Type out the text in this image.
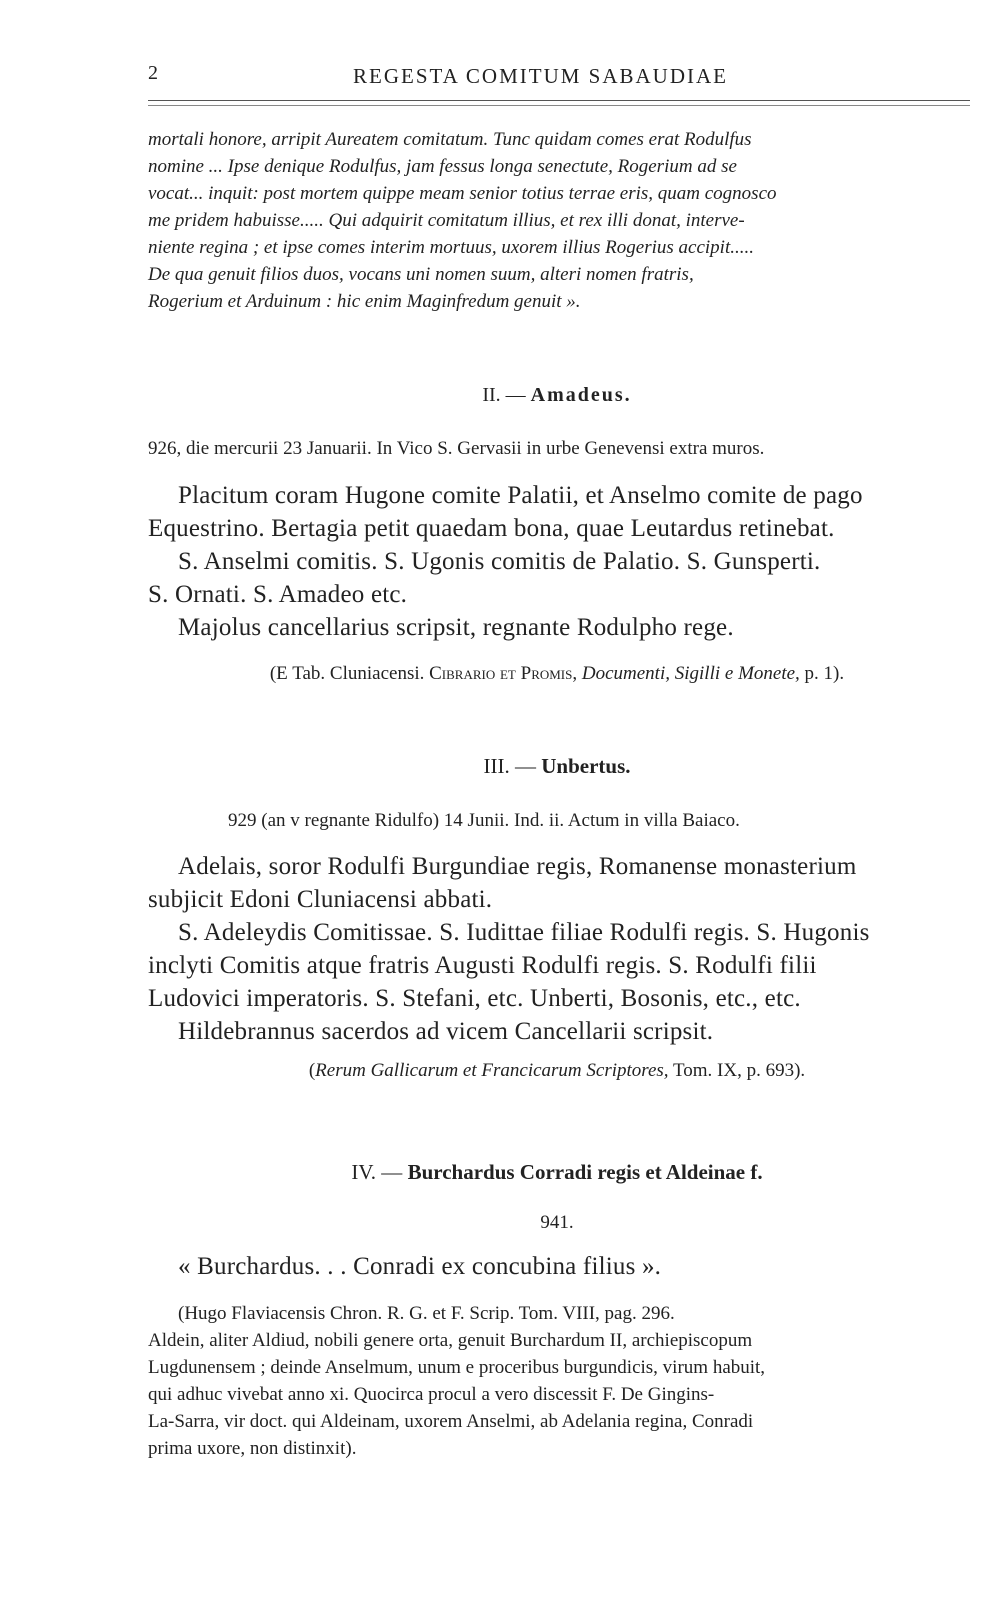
2	REGESTA COMITUM SABAUDIAE

mortali honore, arripit Aureatem comitatum. Tunc quidam comes erat Rodulfus

nomine ... Ipse denique Rodulfus, jam fessus longa senectute, Rogerium ad se

vocat... inquit: post mortem quippe meam senior totius terrae eris, quam cognosco

me pridem habuisse..... Qui adquirit comitatum illius, et rex illi donat, interve-

niente regina ; et ipse comes interim mortuus, uxorem illius Rogerius accipit.....

De qua genuit filios duos, vocans uni nomen suum, alteri nomen fratris,

Rogerium et Arduinum : hic enim Maginfredum genuit ».

II. — Amadeus.
926, die mercurii 23 Januarii. In Vico S. Gervasii in urbe Genevensi extra muros.

Placitum coram Hugone comite Palatii, et Anselmo comite de pago

Equestrino. Bertagia petit quaedam bona, quae Leutardus retinebat.

S. Anselmi comitis. S. Ugonis comitis de Palatio. S. Gunsperti.

S. Ornati. S. Amadeo etc.

Majolus cancellarius scripsit, regnante Rodulpho rege.

(E Tab. Cluniacensi. Cibrario et Promis, Documenti, Sigilli e Monete, p. 1).
III. — Unbertus.
929 (an v regnante Ridulfo) 14 Junii. Ind. ii. Actum in villa Baiaco.

Adelais, soror Rodulfi Burgundiae regis, Romanense monasterium

subjicit Edoni Cluniacensi abbati.

S. Adeleydis Comitissae. S. Iudittae filiae Rodulfi regis. S. Hugonis

inclyti Comitis atque fratris Augusti Rodulfi regis. S. Rodulfi filii

Ludovici imperatoris. S. Stefani, etc. Unberti, Bosonis, etc., etc.

Hildebrannus sacerdos ad vicem Cancellarii scripsit.

(Rerum Gallicarum et Francicarum Scriptores, Tom. IX, p. 693).
IV. — Burchardus Corradi regis et Aldeinae f.
941.
« Burchardus. . . Conradi ex concubina filius ».

(Hugo Flaviacensis Chron. R. G. et F. Scrip. Tom. VIII, pag. 296.

Aldein, aliter Aldiud, nobili genere orta, genuit Burchardum II, archiepiscopum

Lugdunensem ; deinde Anselmum, unum e proceribus burgundicis, virum habuit,

qui adhuc vivebat anno xi. Quocirca procul a vero discessit F. De Gingins-

La-Sarra, vir doct. qui Aldeinam, uxorem Anselmi, ab Adelania regina, Conradi

prima uxore, non distinxit).
